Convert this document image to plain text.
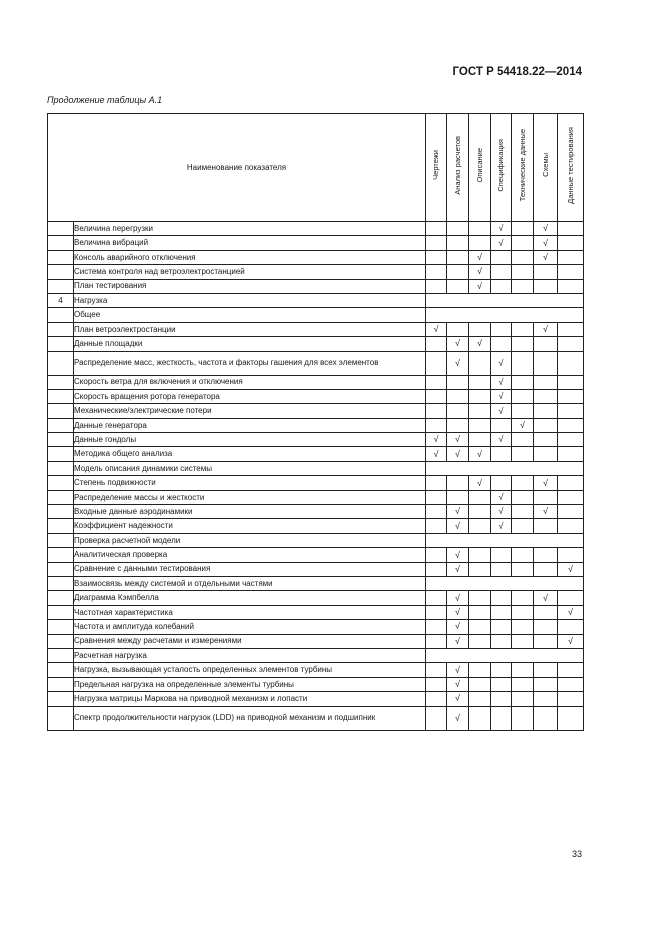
ГОСТ Р 54418.22—2014
Продолжение таблицы А.1
Наименование показателя		Чертежи	Анализ расчетов	Описание	Спецификация	Технические данные	Схемы	Данные тестирования
	Величина перегрузки				√		√	
	Величина вибраций				√		√	
	Консоль аварийного отключения			√			√	
	Система контроля над ветроэлектростанцией			√				
	План тестирования			√				
4	Нагрузка							
	Общее							
	План ветроэлектростанции	√					√	
	Данные площадки		√	√				
	Распределение масс, жесткость, частота и факторы гашения для всех элементов		√		√			
	Скорость ветра для включения и отключения				√			
	Скорость вращения ротора генератора				√			
	Механические/электрические потери				√			
	Данные генератора					√		
	Данные гондолы	√	√		√			
	Методика общего анализа	√	√	√				
	Модель описания динамики системы							
	Степень подвижности			√			√	
	Распределение массы и жесткости				√			
	Входные данные аэродинамики		√		√		√	
	Коэффициент надежности		√		√			
	Проверка расчетной модели							
	Аналитическая проверка		√					
	Сравнение с данными тестирования		√					√
	Взаимосвязь между системой и отдельными частями							
	Диаграмма Кэмпбелла		√				√	
	Частотная характеристика		√					√
	Частота и амплитуда колебаний		√					
	Сравнения между расчетами и измерениями		√					√
	Расчетная нагрузка							
	Нагрузка, вызывающая усталость определенных элементов турбины		√					
	Предельная нагрузка на определенные элементы турбины		√					
	Нагрузка матрицы Маркова на приводной механизм и лопасти		√					
	Спектр продолжительности нагрузок (LDD) на приводной механизм и подшипник		√					
33
